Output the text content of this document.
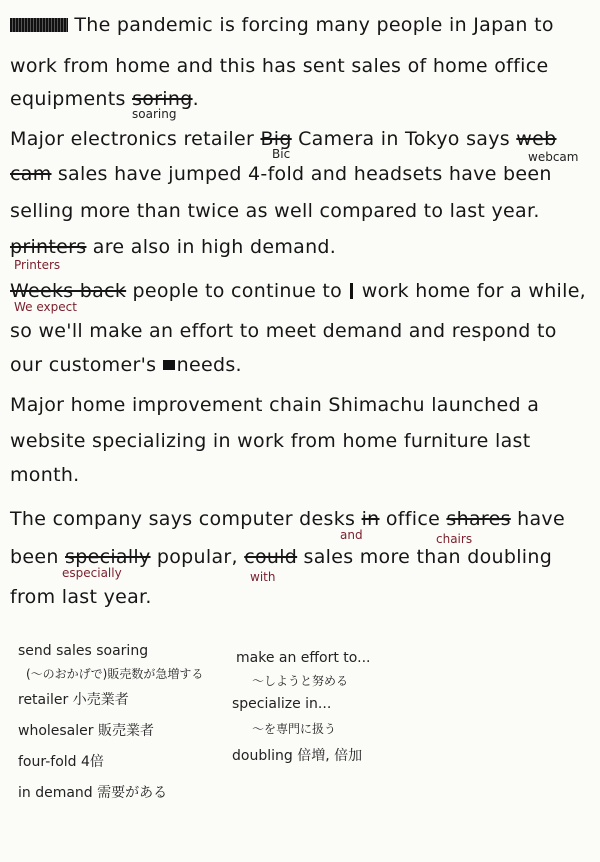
The pandemic is forcing many people in Japan to
work from home and this has sent sales of home office
equipments soring.
soaring
Major electronics retailer Big Camera in Tokyo says web
Bic	webcam
cam sales have jumped 4-fold and headsets have been
selling more than twice as well compared to last year.
printers are also in high demand.
Printers
Weeks back people to continue to work home for a while,
We expect
so we'll make an effort to meet demand and respond to
our customer's needs.
Major home improvement chain Shimachu launched a
website specializing in work from home furniture last
month.
The company says computer desks in office shares have
and	chairs
been specially popular, could sales more than doubling
especially	with
from last year.
send sales soaring
(〜のおかげで)販売数が急増する
retailer 小売業者
wholesaler 販売業者
four-fold 4倍
in demand 需要がある
make an effort to...
〜しようと努める
specialize in...
〜を専門に扱う
doubling 倍増, 倍加
